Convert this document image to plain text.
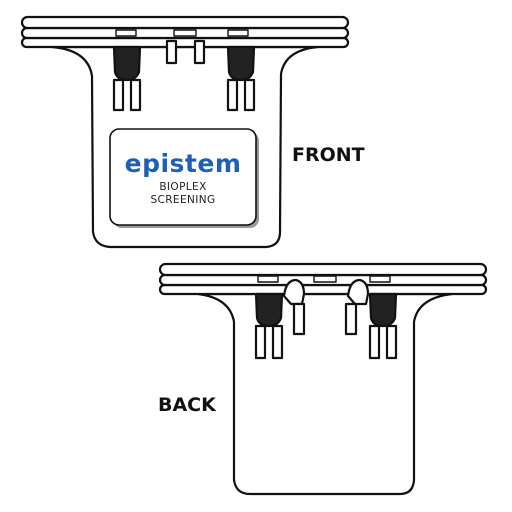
epistem
BIOPLEX
SCREENING
FRONT
BACK
